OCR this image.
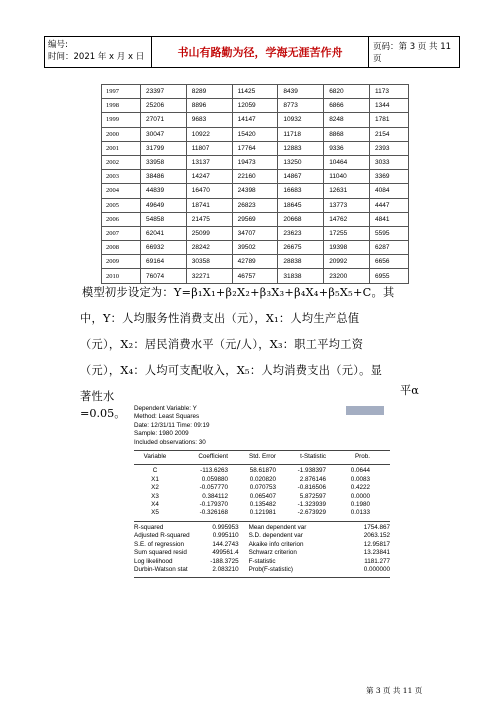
编号:
时间：2021 年 x 月 x 日	书山有路勤为径，学海无涯苦作舟	页码：第 3 页 共 11 页
1997	23397	8289	11425	8439	6820	1173
1998	25206	8896	12059	8773	6866	1344
1999	27071	9683	14147	10932	8248	1781
2000	30047	10922	15420	11718	8868	2154
2001	31799	11807	17764	12883	9336	2393
2002	33958	13137	19473	13250	10464	3033
2003	38486	14247	22160	14867	11040	3369
2004	44839	16470	24398	16683	12631	4084
2005	49649	18741	26823	18645	13773	4447
2006	54858	21475	29569	20668	14762	4841
2007	62041	25099	34707	23623	17255	5595
2008	66932	28242	39502	26675	19398	6287
2009	69164	30358	42789	28838	20992	6656
2010	76074	32271	46757	31838	23200	6955

模型初步设定为：Y=β₁X₁+β₂X₂+β₃X₃+β₄X₄+β₅X₅+C。其

中，Y：人均服务性消费支出（元），X₁：人均生产总值

（元），X₂：居民消费水平（元/人），X₃：职工平均工资

（元），X₄：人均可支配收入，X₅：人均消费支出（元）。显

著性水	平α
=0.05。 Dependent Variable: Y
Method: Least Squares
Date: 12/31/11 Time: 09:19
Sample: 1980 2009
Included observations: 30
Variable	Coefficient	Std. Error	t-Statistic	Prob.
C	-113.6263	58.61870	-1.938397	0.0644
X1	0.059880	0.020820	2.876146	0.0083
X2	-0.057770	0.070753	-0.816506	0.4222
X3	0.384112	0.065407	5.872597	0.0000
X4	-0.179370	0.135482	-1.323939	0.1980
X5	-0.326168	0.121981	-2.673929	0.0133
R-squared	0.995953	Mean dependent var	1754.867
Adjusted R-squared	0.995110	S.D. dependent var	2063.152
S.E. of regression	144.2743	Akaike info criterion	12.95817
Sum squared resid	499561.4	Schwarz criterion	13.23841
Log likelihood	-188.3725	F-statistic	1181.277
Durbin-Watson stat	2.083210	Prob(F-statistic)	0.000000
第 3 页 共 11 页
